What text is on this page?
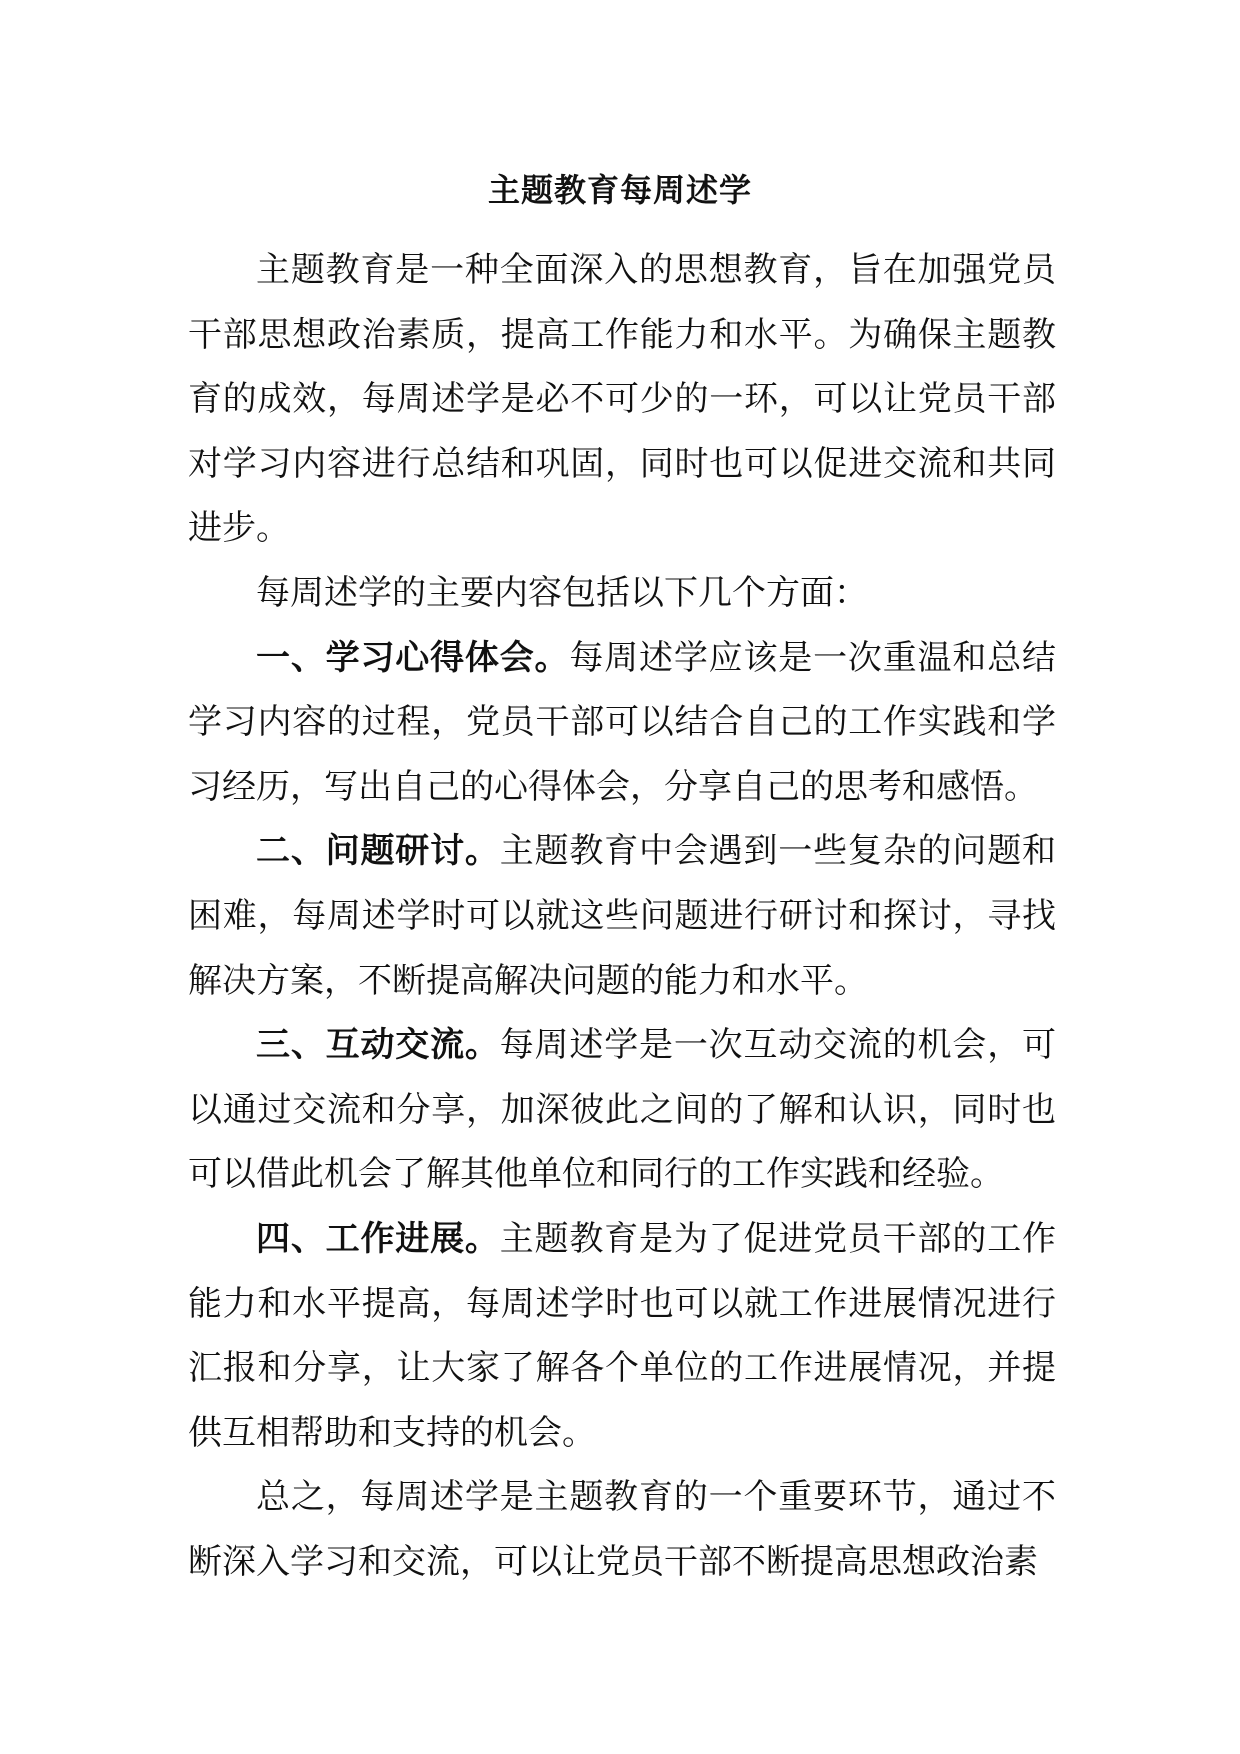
主题教育每周述学

主题教育是一种全面深入的思想教育，旨在加强党员干部思想政治素质，提高工作能力和水平。为确保主题教育的成效，每周述学是必不可少的一环，可以让党员干部对学习内容进行总结和巩固，同时也可以促进交流和共同进步。

每周述学的主要内容包括以下几个方面：

一、学习心得体会。每周述学应该是一次重温和总结学习内容的过程，党员干部可以结合自己的工作实践和学习经历，写出自己的心得体会，分享自己的思考和感悟。

二、问题研讨。主题教育中会遇到一些复杂的问题和困难，每周述学时可以就这些问题进行研讨和探讨，寻找解决方案，不断提高解决问题的能力和水平。

三、互动交流。每周述学是一次互动交流的机会，可以通过交流和分享，加深彼此之间的了解和认识，同时也可以借此机会了解其他单位和同行的工作实践和经验。

四、工作进展。主题教育是为了促进党员干部的工作能力和水平提高，每周述学时也可以就工作进展情况进行汇报和分享，让大家了解各个单位的工作进展情况，并提供互相帮助和支持的机会。

总之，每周述学是主题教育的一个重要环节，通过不断深入学习和交流，可以让党员干部不断提高思想政治素
